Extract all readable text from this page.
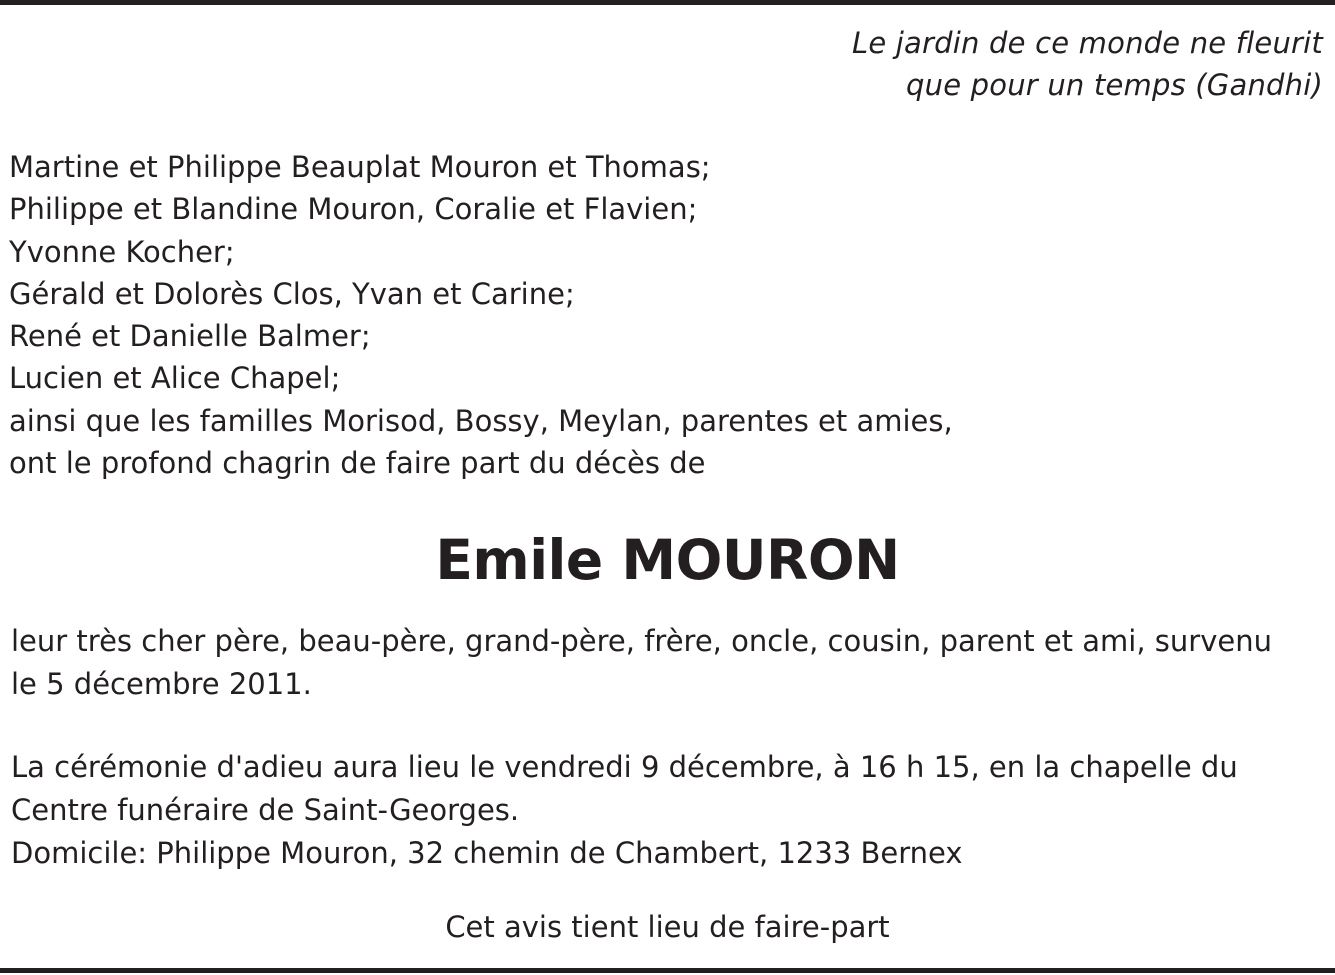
Le jardin de ce monde ne fleurit
que pour un temps (Gandhi)
Martine et Philippe Beauplat Mouron et Thomas;
Philippe et Blandine Mouron, Coralie et Flavien;
Yvonne Kocher;
Gérald et Dolorès Clos, Yvan et Carine;
René et Danielle Balmer;
Lucien et Alice Chapel;
ainsi que les familles Morisod, Bossy, Meylan, parentes et amies,
ont le profond chagrin de faire part du décès de
Emile MOURON
leur très cher père, beau-père, grand-père, frère, oncle, cousin, parent et ami, survenu
le 5 décembre 2011.
La cérémonie d'adieu aura lieu le vendredi 9 décembre, à 16 h 15, en la chapelle du
Centre funéraire de Saint-Georges.
Domicile: Philippe Mouron, 32 chemin de Chambert, 1233 Bernex
Cet avis tient lieu de faire-part
